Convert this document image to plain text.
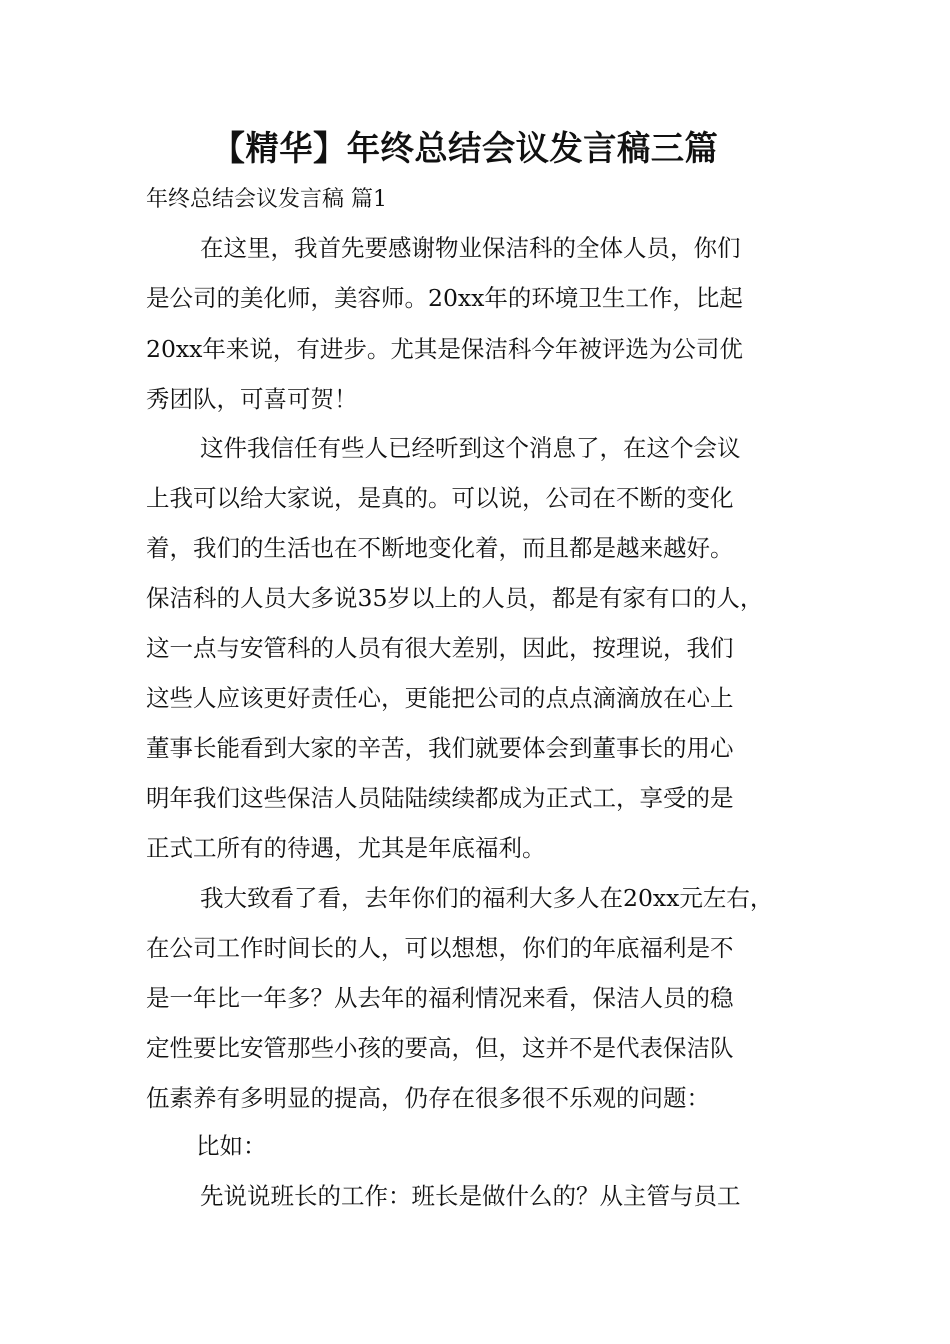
【精华】年终总结会议发言稿三篇
年终总结会议发言稿 篇1
在这里，我首先要感谢物业保洁科的全体人员，你们
是公司的美化师，美容师。20xx年的环境卫生工作，比起
20xx年来说，有进步。尤其是保洁科今年被评选为公司优
秀团队，可喜可贺！
这件我信任有些人已经听到这个消息了，在这个会议
上我可以给大家说，是真的。可以说，公司在不断的变化
着，我们的生活也在不断地变化着，而且都是越来越好。
保洁科的人员大多说35岁以上的人员，都是有家有口的人，
这一点与安管科的人员有很大差别，因此，按理说，我们
这些人应该更好责任心，更能把公司的点点滴滴放在心上
董事长能看到大家的辛苦，我们就要体会到董事长的用心
明年我们这些保洁人员陆陆续续都成为正式工，享受的是
正式工所有的待遇，尤其是年底福利。
我大致看了看，去年你们的福利大多人在20xx元左右，
在公司工作时间长的人，可以想想，你们的年底福利是不
是一年比一年多？从去年的福利情况来看，保洁人员的稳
定性要比安管那些小孩的要高，但，这并不是代表保洁队
伍素养有多明显的提高，仍存在很多很不乐观的问题：
比如：
先说说班长的工作：班长是做什么的？从主管与员工
